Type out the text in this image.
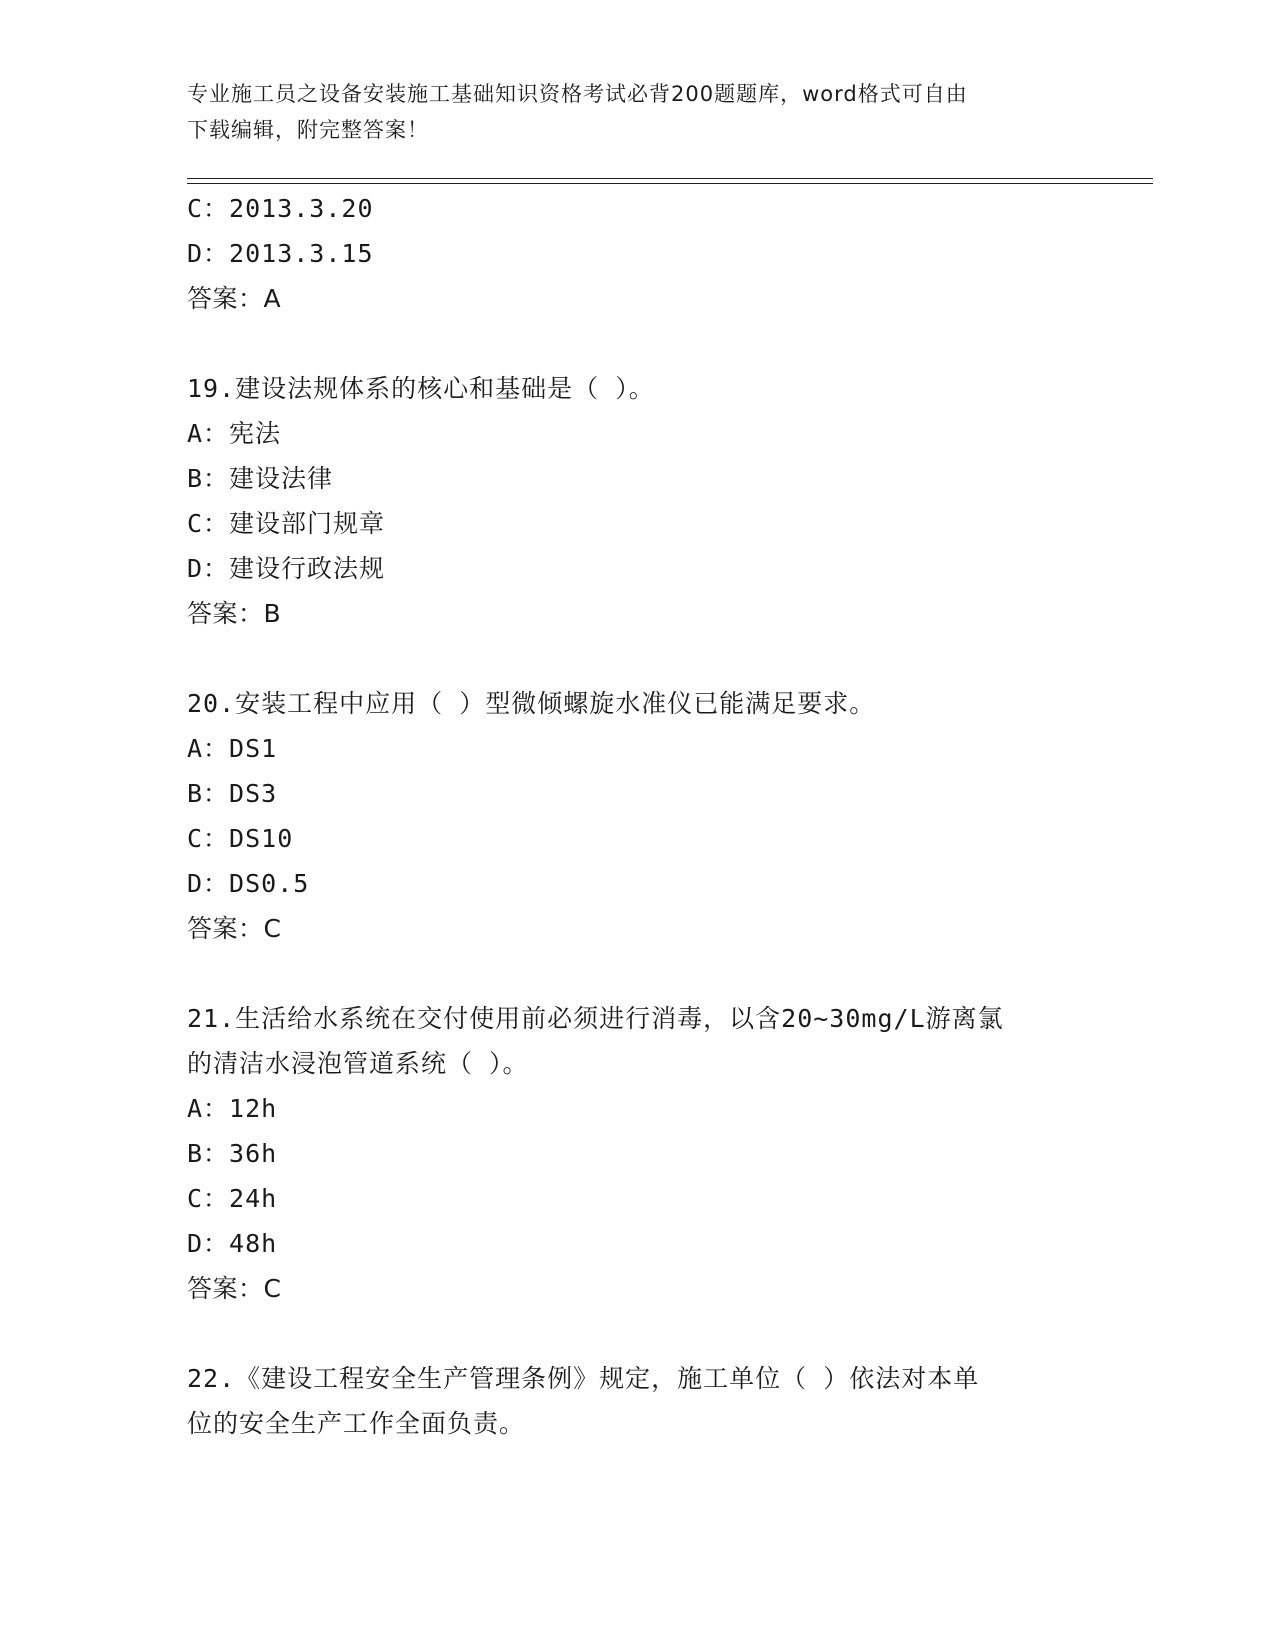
专业施工员之设备安装施工基础知识资格考试必背200题题库，word格式可自由
下载编辑，附完整答案！
C：2013.3.20
D：2013.3.15
答案：A
19.建设法规体系的核心和基础是（ ）。
A：宪法
B：建设法律
C：建设部门规章
D：建设行政法规
答案：B
20.安装工程中应用（ ）型微倾螺旋水准仪已能满足要求。
A：DS1
B：DS3
C：DS10
D：DS0.5
答案：C
21.生活给水系统在交付使用前必须进行消毒，以含20~30mg/L游离氯
的清洁水浸泡管道系统（ ）。
A：12h
B：36h
C：24h
D：48h
答案：C
22.《建设工程安全生产管理条例》规定，施工单位（ ）依法对本单
位的安全生产工作全面负责。
